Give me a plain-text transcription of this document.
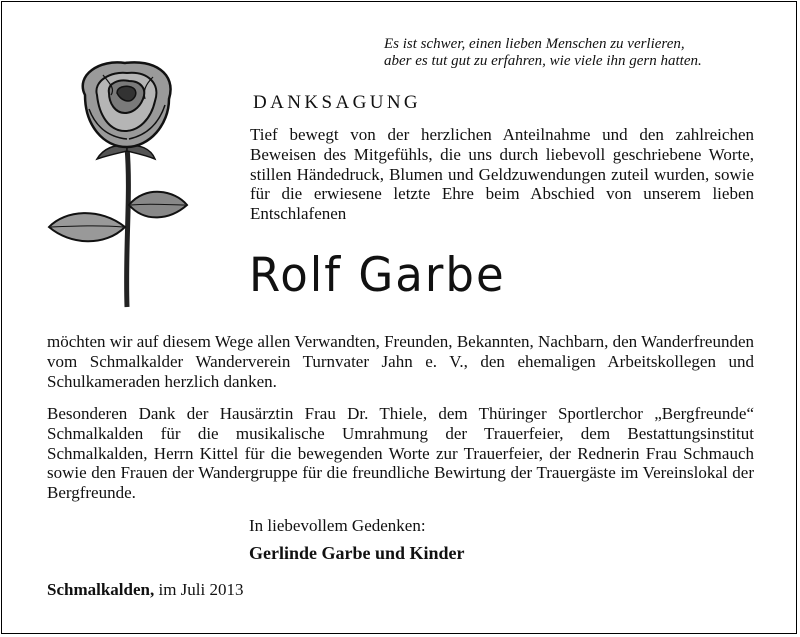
Es ist schwer, einen lieben Menschen zu verlieren,
aber es tut gut zu erfahren, wie viele ihn gern hatten.
DANKSAGUNG
Tief bewegt von der herzlichen Anteilnahme und den zahlreichen Beweisen des Mitgefühls, die uns durch liebevoll geschriebene Worte, stillen Händedruck, Blumen und Geldzuwendungen zuteil wurden, sowie für die erwiesene letzte Ehre beim Abschied von unserem lieben Entschlafenen
Rolf Garbe
möchten wir auf diesem Wege allen Verwandten, Freunden, Bekannten, Nachbarn, den Wanderfreunden vom Schmalkalder Wanderverein Turnvater Jahn e. V., den ehemaligen Arbeitskollegen und Schulkameraden herzlich danken.
Besonderen Dank der Hausärztin Frau Dr. Thiele, dem Thüringer Sportlerchor „Bergfreunde“ Schmalkalden für die musikalische Umrahmung der Trauerfeier, dem Bestattungsinstitut Schmalkalden, Herrn Kittel für die bewegenden Worte zur Trauerfeier, der Rednerin Frau Schmauch sowie den Frauen der Wandergruppe für die freundliche Bewirtung der Trauergäste im Vereinslokal der Bergfreunde.
In liebevollem Gedenken:
Gerlinde Garbe und Kinder
Schmalkalden, im Juli 2013
